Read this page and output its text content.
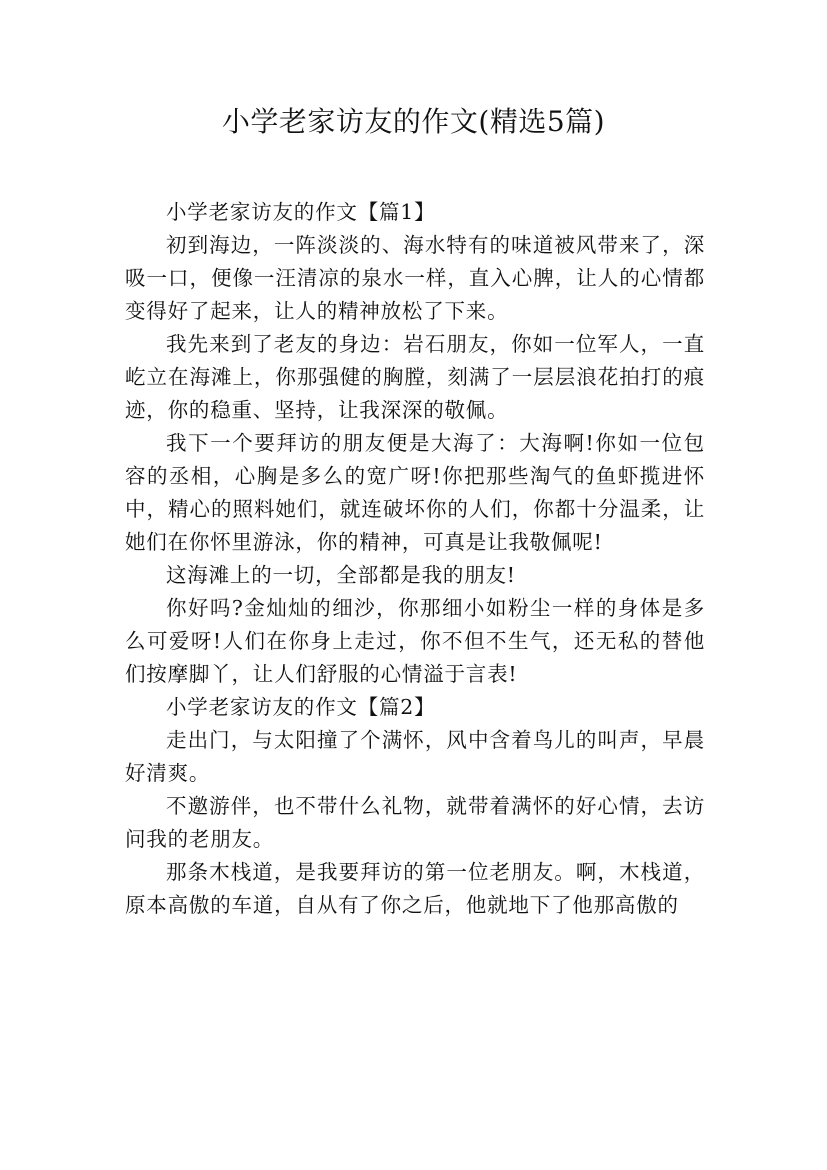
小学老家访友的作文(精选5篇)

小学老家访友的作文【篇1】

初到海边，一阵淡淡的、海水特有的味道被风带来了，深吸一口，便像一汪清凉的泉水一样，直入心脾，让人的心情都变得好了起来，让人的精神放松了下来。

我先来到了老友的身边：岩石朋友，你如一位军人，一直屹立在海滩上，你那强健的胸膛，刻满了一层层浪花拍打的痕迹，你的稳重、坚持，让我深深的敬佩。

我下一个要拜访的朋友便是大海了：大海啊!你如一位包容的丞相，心胸是多么的宽广呀!你把那些淘气的鱼虾揽进怀中，精心的照料她们，就连破坏你的人们，你都十分温柔，让她们在你怀里游泳，你的精神，可真是让我敬佩呢!

这海滩上的一切，全部都是我的朋友!

你好吗?金灿灿的细沙，你那细小如粉尘一样的身体是多么可爱呀!人们在你身上走过，你不但不生气，还无私的替他们按摩脚丫，让人们舒服的心情溢于言表!

小学老家访友的作文【篇2】

走出门，与太阳撞了个满怀，风中含着鸟儿的叫声，早晨好清爽。

不邀游伴，也不带什么礼物，就带着满怀的好心情，去访问我的老朋友。

那条木栈道，是我要拜访的第一位老朋友。啊，木栈道，原本高傲的车道，自从有了你之后，他就地下了他那高傲的
